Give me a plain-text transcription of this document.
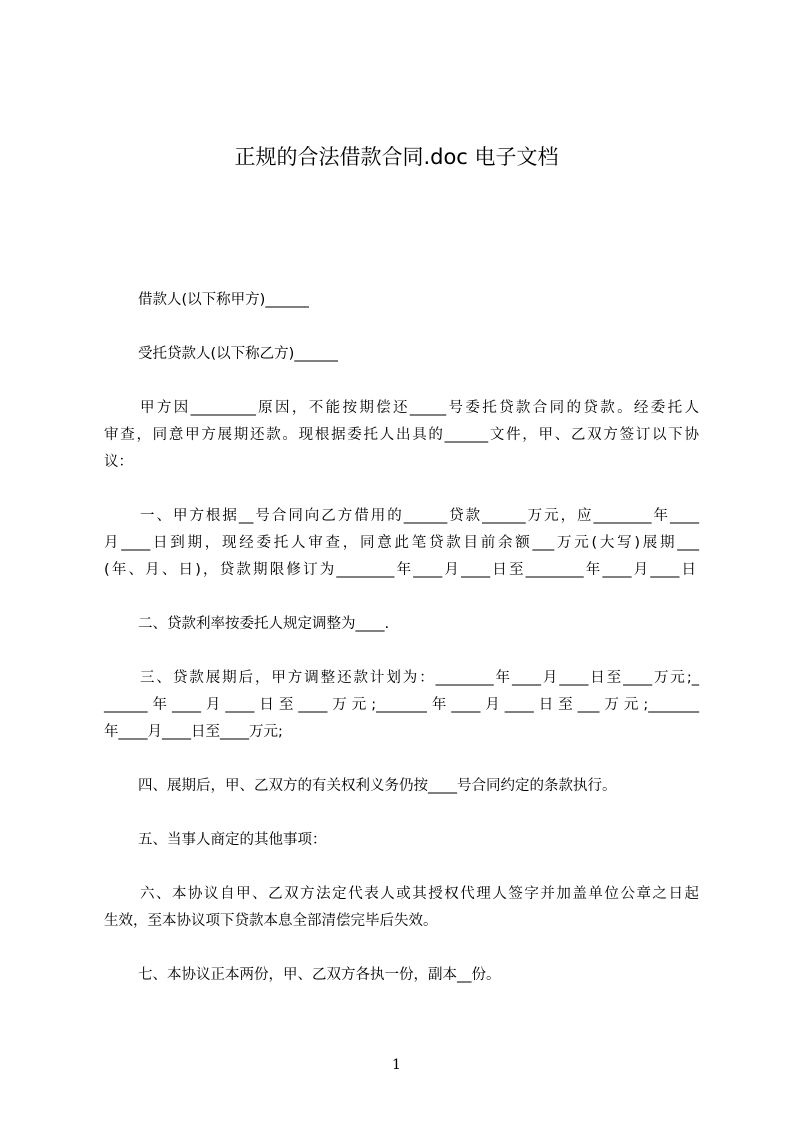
正规的合法借款合同.doc 电子文档
借款人(以下称甲方)______
受托贷款人(以下称乙方)______
甲方因_________原因，不能按期偿还_____号委托贷款合同的贷款。经委托人
审查，同意甲方展期还款。现根据委托人出具的______文件，甲、乙双方签订以下协
议：
一、甲方根据__号合同向乙方借用的______贷款______万元，应________年____
月____日到期，现经委托人审查，同意此笔贷款目前余额___万元(大写)展期___
(年、月、日)，贷款期限修订为________年____月____日至________年____月____日
二、贷款利率按委托人规定调整为____.
三、贷款展期后，甲方调整还款计划为：________年____月____日至____万元;_
______年____月____日至____万元;_______年____月____日至___万元;_______
年____月____日至____万元;
四、展期后，甲、乙双方的有关权利义务仍按____号合同约定的条款执行。
五、当事人商定的其他事项：
六、本协议自甲、乙双方法定代表人或其授权代理人签字并加盖单位公章之日起
生效，至本协议项下贷款本息全部清偿完毕后失效。
七、本协议正本两份，甲、乙双方各执一份，副本__份。
1
